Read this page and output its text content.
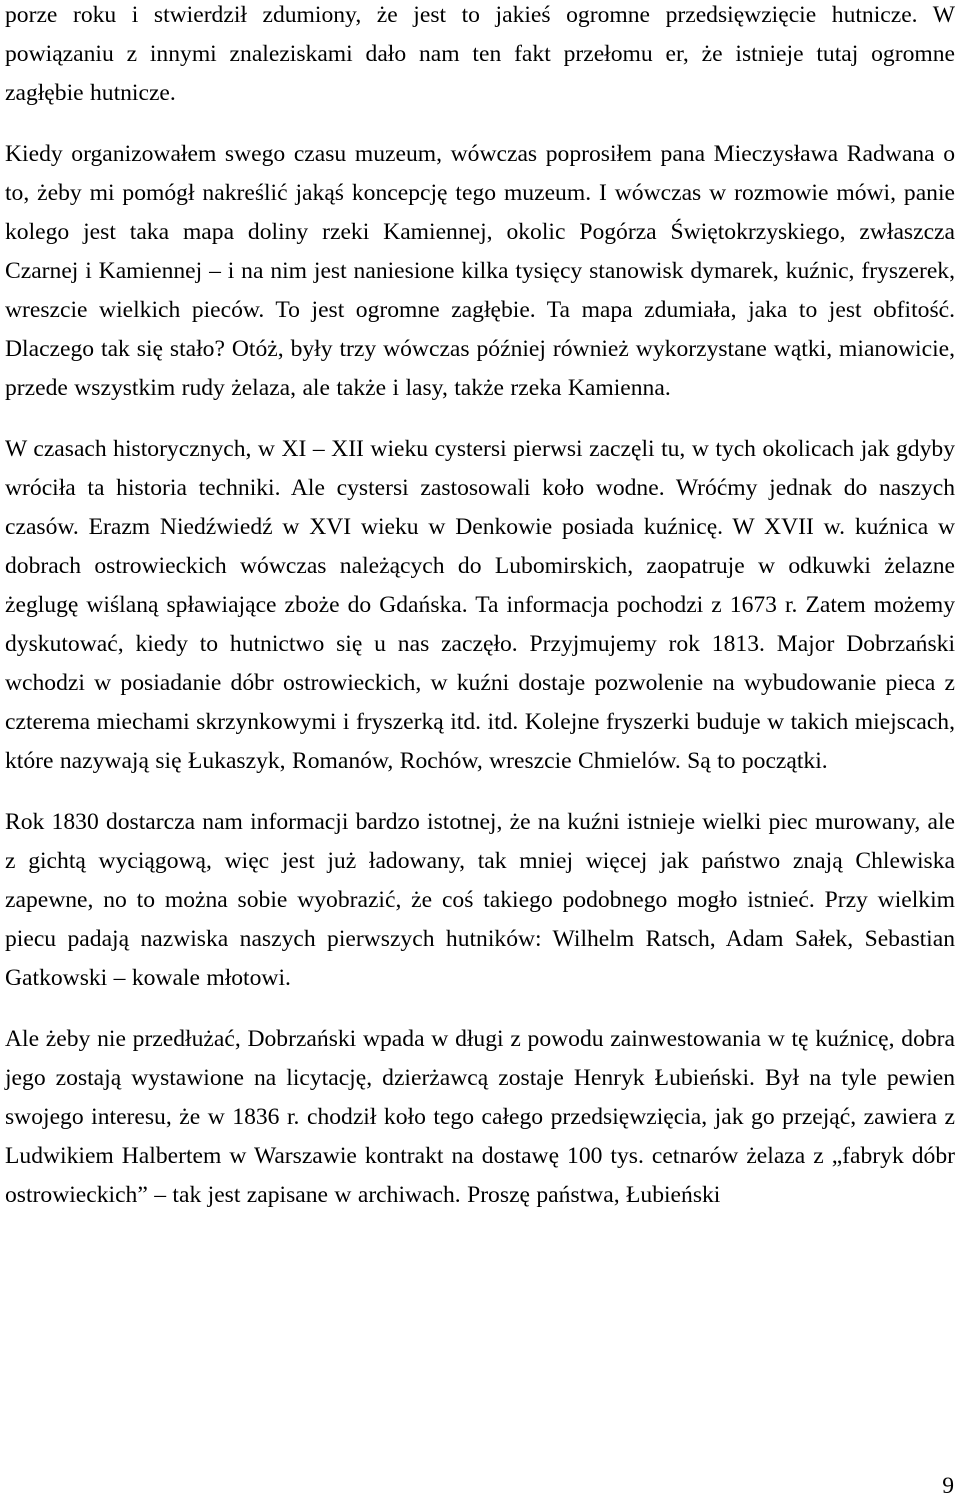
porze roku i stwierdził zdumiony, że jest to jakieś ogromne przedsięwzięcie hutnicze. W powiązaniu z innymi znaleziskami dało nam ten fakt przełomu er, że istnieje tutaj ogromne zagłębie hutnicze.

Kiedy organizowałem swego czasu muzeum, wówczas poprosiłem pana Mieczysława Radwana o to, żeby mi pomógł nakreślić jakąś koncepcję tego muzeum. I wówczas w rozmowie mówi, panie kolego jest taka mapa doliny rzeki Kamiennej, okolic Pogórza Świętokrzyskiego, zwłaszcza Czarnej i Kamiennej – i na nim jest naniesione kilka tysięcy stanowisk dymarek, kuźnic, fryszerek, wreszcie wielkich pieców. To jest ogromne zagłębie. Ta mapa zdumiała, jaka to jest obfitość. Dlaczego tak się stało? Otóż, były trzy wówczas później również wykorzystane wątki, mianowicie, przede wszystkim rudy żelaza, ale także i lasy, także rzeka Kamienna.

W czasach historycznych, w XI – XII wieku cystersi pierwsi zaczęli tu, w tych okolicach jak gdyby wróciła ta historia techniki. Ale cystersi zastosowali koło wodne. Wróćmy jednak do naszych czasów. Erazm Niedźwiedź w XVI wieku w Denkowie posiada kuźnicę. W XVII w. kuźnica w dobrach ostrowieckich wówczas należących do Lubomirskich, zaopatruje w odkuwki żelazne żeglugę wiślaną spławiające zboże do Gdańska. Ta informacja pochodzi z 1673 r. Zatem możemy dyskutować, kiedy to hutnictwo się u nas zaczęło. Przyjmujemy rok 1813. Major Dobrzański wchodzi w posiadanie dóbr ostrowieckich, w kuźni dostaje pozwolenie na wybudowanie pieca z czterema miechami skrzynkowymi i fryszerką itd. itd. Kolejne fryszerki buduje w takich miejscach, które nazywają się Łukaszyk, Romanów, Rochów, wreszcie Chmielów. Są to początki.

Rok 1830 dostarcza nam informacji bardzo istotnej, że na kuźni istnieje wielki piec murowany, ale z gichtą wyciągową, więc jest już ładowany, tak mniej więcej jak państwo znają Chlewiska zapewne, no to można sobie wyobrazić, że coś takiego podobnego mogło istnieć. Przy wielkim piecu padają nazwiska naszych pierwszych hutników: Wilhelm Ratsch, Adam Sałek, Sebastian Gatkowski – kowale młotowi.

Ale żeby nie przedłużać, Dobrzański wpada w długi z powodu zainwestowania w tę kuźnicę, dobra jego zostają wystawione na licytację, dzierżawcą zostaje Henryk Łubieński. Był na tyle pewien swojego interesu, że w 1836 r. chodził koło tego całego przedsięwzięcia, jak go przejąć, zawiera z Ludwikiem Halbertem w Warszawie kontrakt na dostawę 100 tys. cetnarów żelaza z „fabryk dóbr ostrowieckich” – tak jest zapisane w archiwach. Proszę państwa, Łubieński

9
